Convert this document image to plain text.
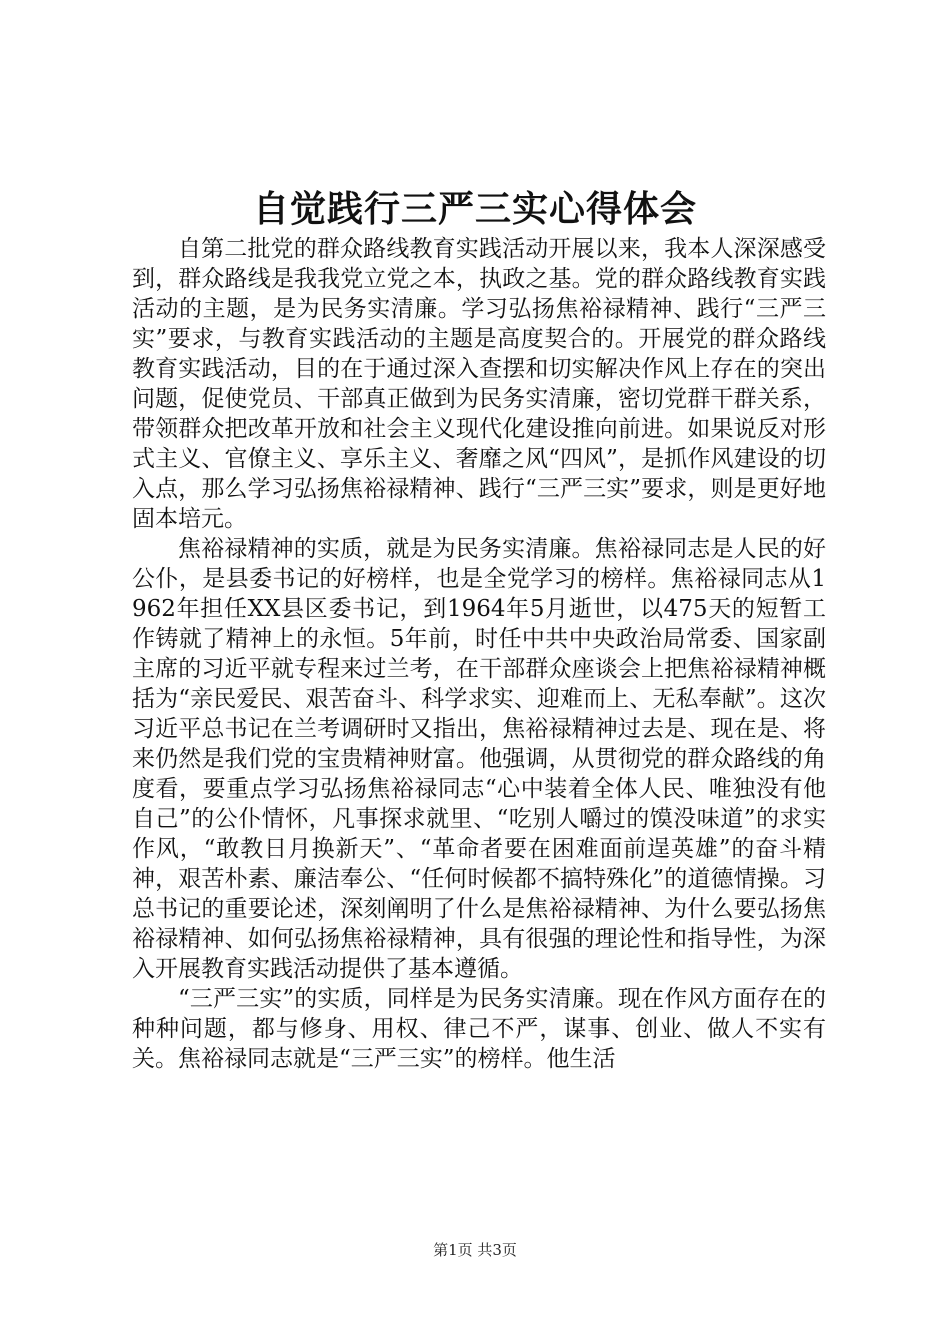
自觉践行三严三实心得体会

自第二批党的群众路线教育实践活动开展以来，我本人深深感受到，群众路线是我我党立党之本，执政之基。党的群众路线教育实践活动的主题，是为民务实清廉。学习弘扬焦裕禄精神、践行“三严三实”要求，与教育实践活动的主题是高度契合的。开展党的群众路线教育实践活动，目的在于通过深入查摆和切实解决作风上存在的突出问题，促使党员、干部真正做到为民务实清廉，密切党群干群关系，带领群众把改革开放和社会主义现代化建设推向前进。如果说反对形式主义、官僚主义、享乐主义、奢靡之风“四风”，是抓作风建设的切入点，那么学习弘扬焦裕禄精神、践行“三严三实”要求，则是更好地固本培元。

焦裕禄精神的实质，就是为民务实清廉。焦裕禄同志是人民的好公仆，是县委书记的好榜样，也是全党学习的榜样。焦裕禄同志从1962年担任XX县区委书记，到1964年5月逝世，以475天的短暂工作铸就了精神上的永恒。5年前，时任中共中央政治局常委、国家副主席的习近平就专程来过兰考，在干部群众座谈会上把焦裕禄精神概括为“亲民爱民、艰苦奋斗、科学求实、迎难而上、无私奉献”。这次习近平总书记在兰考调研时又指出，焦裕禄精神过去是、现在是、将来仍然是我们党的宝贵精神财富。他强调，从贯彻党的群众路线的角度看，要重点学习弘扬焦裕禄同志“心中装着全体人民、唯独没有他自己”的公仆情怀，凡事探求就里、“吃别人嚼过的馍没味道”的求实作风，“敢教日月换新天”、“革命者要在困难面前逞英雄”的奋斗精神，艰苦朴素、廉洁奉公、“任何时候都不搞特殊化”的道德情操。习总书记的重要论述，深刻阐明了什么是焦裕禄精神、为什么要弘扬焦裕禄精神、如何弘扬焦裕禄精神，具有很强的理论性和指导性，为深入开展教育实践活动提供了基本遵循。

“三严三实”的实质，同样是为民务实清廉。现在作风方面存在的种种问题，都与修身、用权、律己不严，谋事、创业、做人不实有关。焦裕禄同志就是“三严三实”的榜样。他生活

第1页 共3页
